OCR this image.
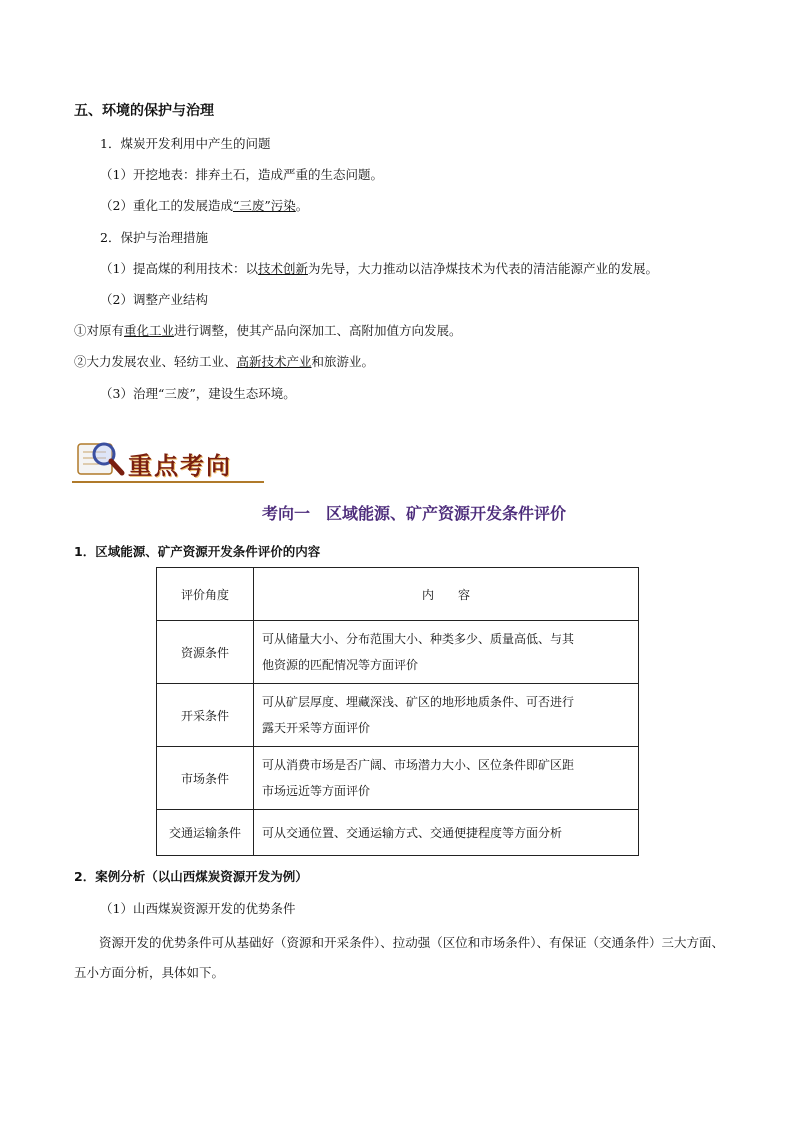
五、环境的保护与治理
1．煤炭开发利用中产生的问题
（1）开挖地表：排弃土石，造成严重的生态问题。
（2）重化工的发展造成“三废”污染。
2．保护与治理措施
（1）提高煤的利用技术：以技术创新为先导，大力推动以洁净煤技术为代表的清洁能源产业的发展。
（2）调整产业结构
①对原有重化工业进行调整，使其产品向深加工、高附加值方向发展。
②大力发展农业、轻纺工业、高新技术产业和旅游业。
（3）治理“三废”，建设生态环境。
重点考向
考向一　区域能源、矿产资源开发条件评价
1．区域能源、矿产资源开发条件评价的内容
评价角度	内　　容
资源条件	可从储量大小、分布范围大小、种类多少、质量高低、与其
他资源的匹配情况等方面评价

开采条件	可从矿层厚度、埋藏深浅、矿区的地形地质条件、可否进行
露天开采等方面评价

市场条件	可从消费市场是否广阔、市场潜力大小、区位条件即矿区距
市场远近等方面评价

交通运输条件	可从交通位置、交通运输方式、交通便捷程度等方面分析
2．案例分析（以山西煤炭资源开发为例）
（1）山西煤炭资源开发的优势条件
资源开发的优势条件可从基础好（资源和开采条件）、拉动强（区位和市场条件）、有保证（交通条件）三大方面、五小方面分析，具体如下。
